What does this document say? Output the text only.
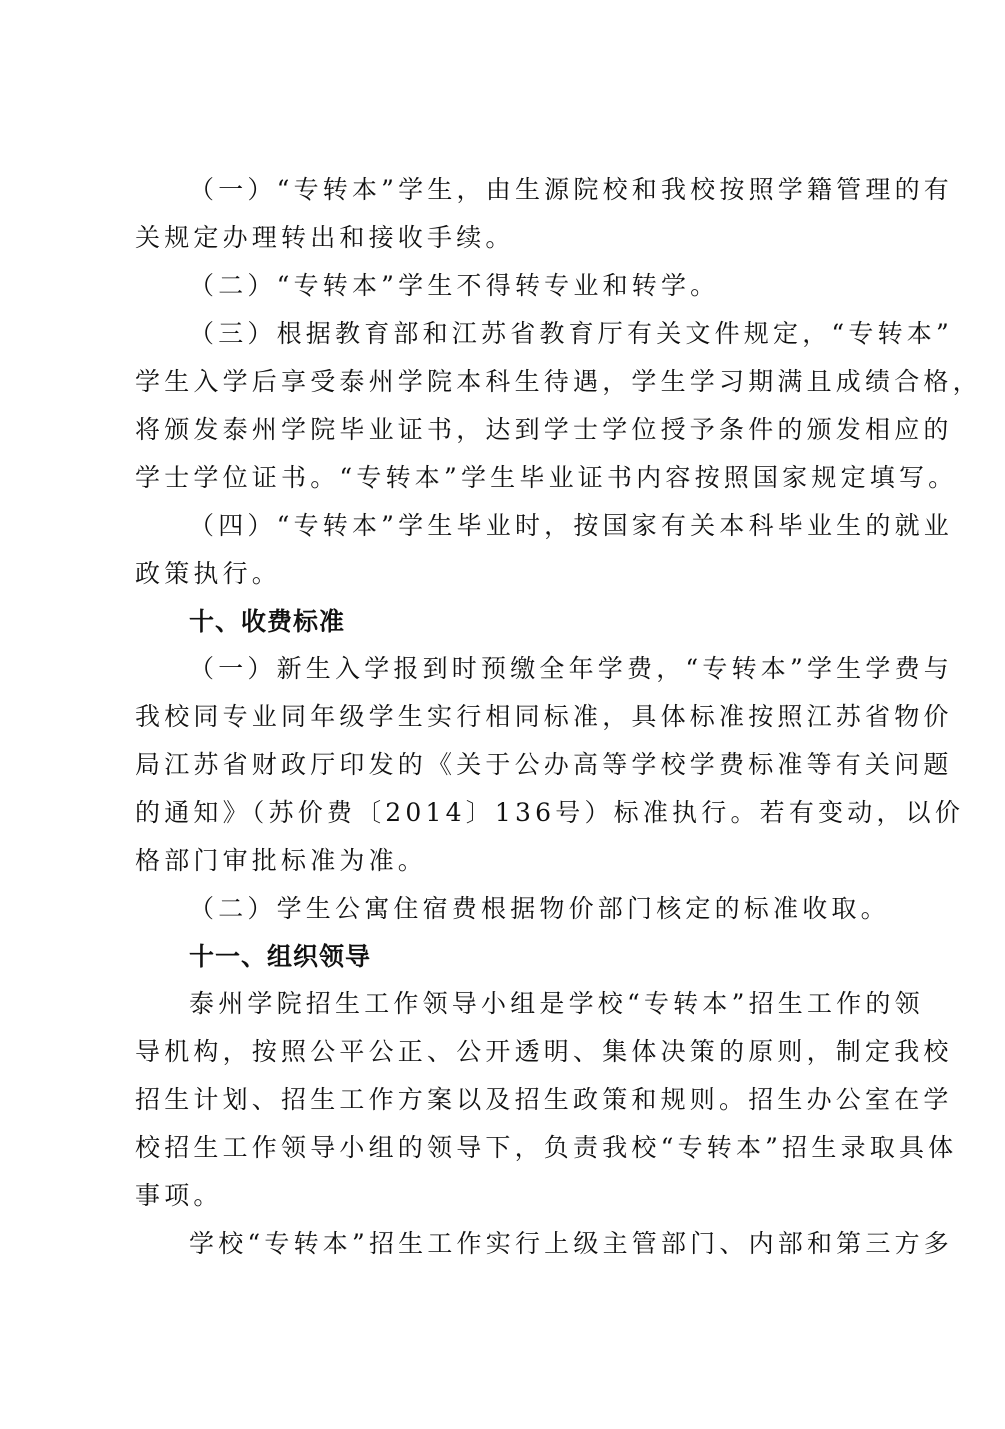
（一）“专转本”学生，由生源院校和我校按照学籍管理的有
关规定办理转出和接收手续。
（二）“专转本”学生不得转专业和转学。
（三）根据教育部和江苏省教育厅有关文件规定，“专转本”
学生入学后享受泰州学院本科生待遇，学生学习期满且成绩合格，
将颁发泰州学院毕业证书，达到学士学位授予条件的颁发相应的
学士学位证书。“专转本”学生毕业证书内容按照国家规定填写。
（四）“专转本”学生毕业时，按国家有关本科毕业生的就业
政策执行。
十、收费标准
（一）新生入学报到时预缴全年学费，“专转本”学生学费与
我校同专业同年级学生实行相同标准，具体标准按照江苏省物价
局江苏省财政厅印发的《关于公办高等学校学费标准等有关问题
的通知》（苏价费〔2014〕136号）标准执行。若有变动，以价
格部门审批标准为准。
（二）学生公寓住宿费根据物价部门核定的标准收取。
十一、组织领导
泰州学院招生工作领导小组是学校“专转本”招生工作的领
导机构，按照公平公正、公开透明、集体决策的原则，制定我校
招生计划、招生工作方案以及招生政策和规则。招生办公室在学
校招生工作领导小组的领导下，负责我校“专转本”招生录取具体
事项。
学校“专转本”招生工作实行上级主管部门、内部和第三方多
